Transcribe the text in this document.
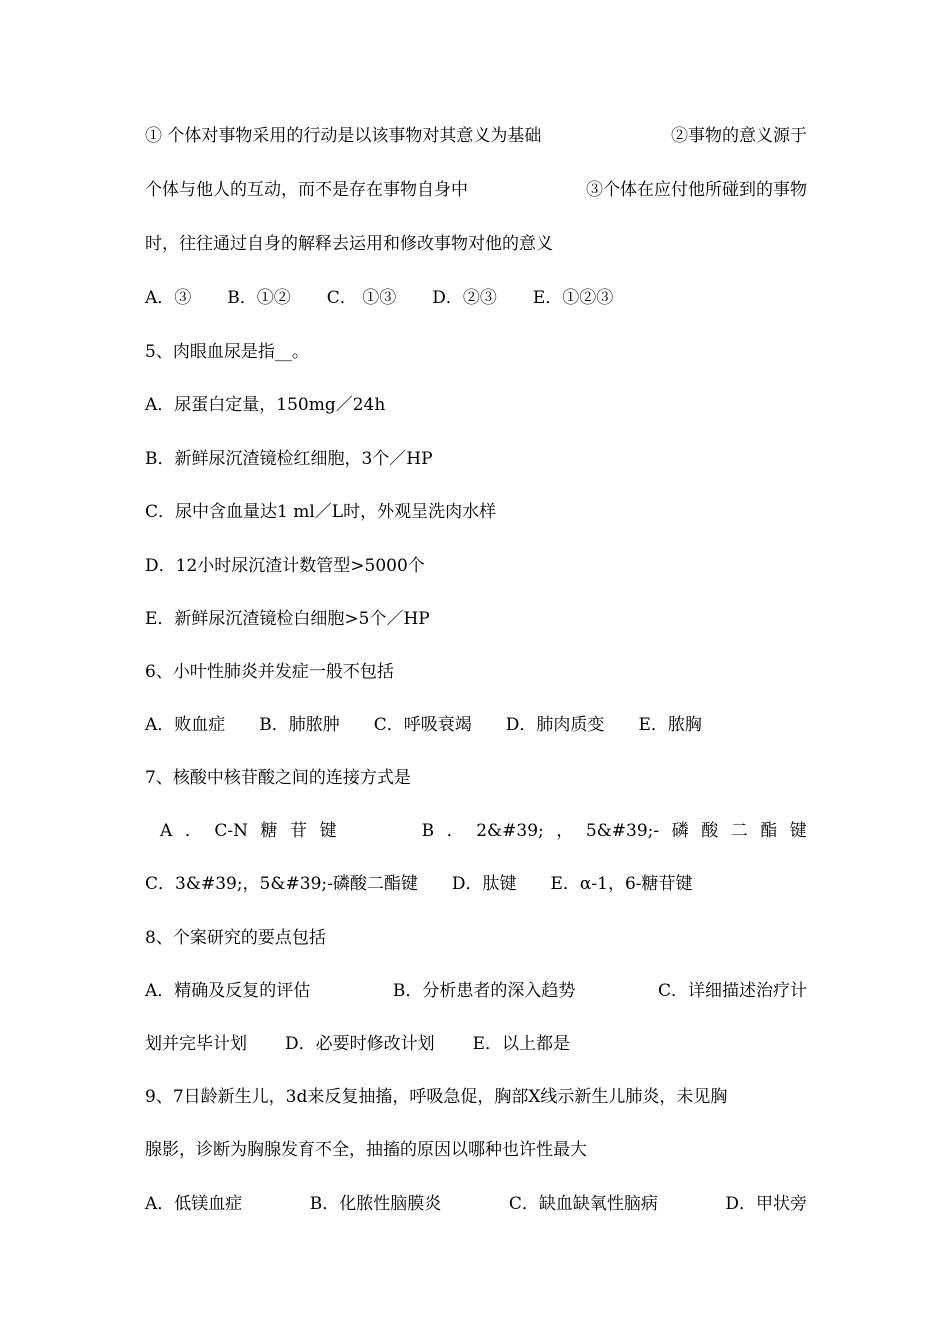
① 个体对事物采用的行动是以该事物对其意义为基础	②事物的意义源于
个体与他人的互动，而不是存在事物自身中	③个体在应付他所碰到的事物
时，往往通过自身的解释去运用和修改事物对他的意义
A．③ B．①② C． ①③ D．②③ E．①②③
5、肉眼血尿是指__。
A．尿蛋白定量，150mg／24h
B．新鲜尿沉渣镜检红细胞，3个／HP
C．尿中含血量达1 ml／L时，外观呈洗肉水样
D．12小时尿沉渣计数管型>5000个
E．新鲜尿沉渣镜检白细胞>5个／HP
6、小叶性肺炎并发症一般不包括
A．败血症 B．肺脓肿 C．呼吸衰竭 D．肺肉质变 E．脓胸
7、核酸中核苷酸之间的连接方式是
A ． C-N 糖 苷 键	B ． 2&#39; ， 5&#39;- 磷 酸 二 酯 键
C．3&#39;，5&#39;-磷酸二酯键 D．肽键 E．α-1，6-糖苷键
8、个案研究的要点包括
A．精确及反复的评估	B．分析患者的深入趋势	C．详细描述治疗计
划并完毕计划 D．必要时修改计划 E．以上都是
9、7日龄新生儿，3d来反复抽搐，呼吸急促，胸部X线示新生儿肺炎，未见胸
腺影，诊断为胸腺发育不全，抽搐的原因以哪种也许性最大
A．低镁血症	B．化脓性脑膜炎	C．缺血缺氧性脑病	D．甲状旁
